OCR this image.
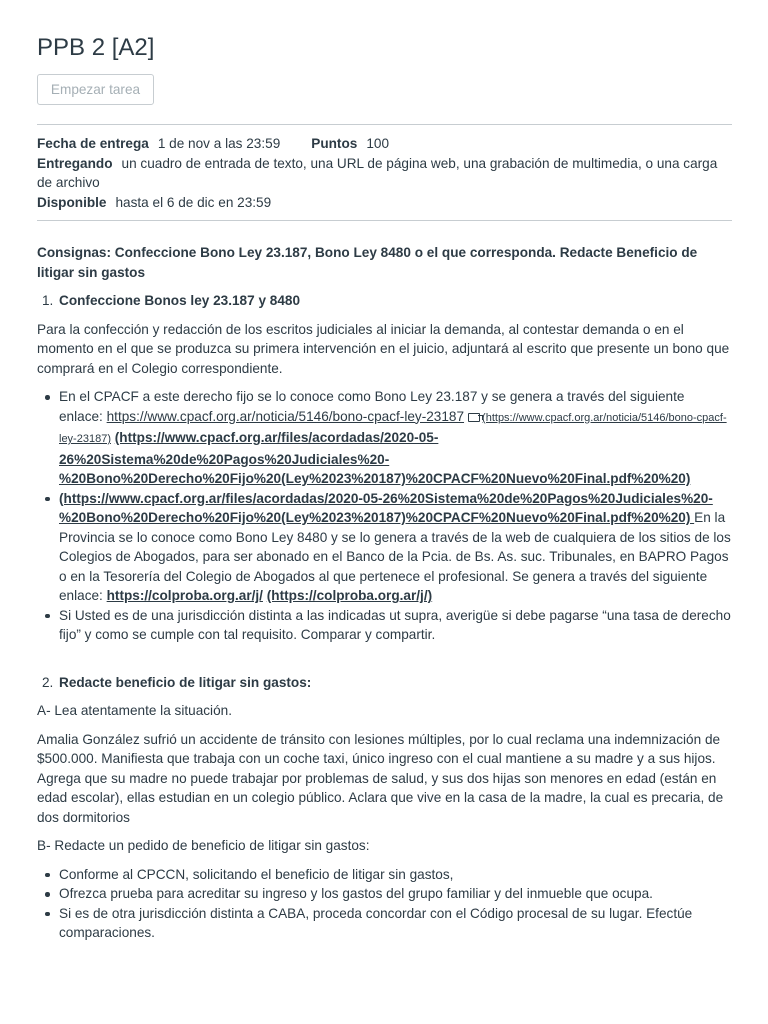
PPB 2 [A2]
Empezar tarea
Fecha de entrega 1 de nov a las 23:59 Puntos 100
Entregando un cuadro de entrada de texto, una URL de página web, una grabación de multimedia, o una carga de archivo
Disponible hasta el 6 de dic en 23:59

Consignas: Confeccione Bono Ley 23.187, Bono Ley 8480 o el que corresponda. Redacte Beneficio de litigar sin gastos

1. Confeccione Bonos ley 23.187 y 8480

Para la confección y redacción de los escritos judiciales al iniciar la demanda, al contestar demanda o en el momento en el que se produzca su primera intervención en el juicio, adjuntará al escrito que presente un bono que comprará en el Colegio correspondiente.

En el CPACF a este derecho fijo se lo conoce como Bono Ley 23.187 y se genera a través del siguiente enlace: https://www.cpacf.org.ar/noticia/5146/bono-cpacf-ley-23187 (https://www.cpacf.org.ar/noticia/5146/bono-cpacf-ley-23187) (https://www.cpacf.org.ar/files/acordadas/2020-05-26%20Sistema%20de%20Pagos%20Judiciales%20-%20Bono%20Derecho%20Fijo%20(Ley%2023%20187)%20CPACF%20Nuevo%20Final.pdf%20%20)
(https://www.cpacf.org.ar/files/acordadas/2020-05-26%20Sistema%20de%20Pagos%20Judiciales%20-%20Bono%20Derecho%20Fijo%20(Ley%2023%20187)%20CPACF%20Nuevo%20Final.pdf%20%20) En la Provincia se lo conoce como Bono Ley 8480 y se lo genera a través de la web de cualquiera de los sitios de los Colegios de Abogados, para ser abonado en el Banco de la Pcia. de Bs. As. suc. Tribunales, en BAPRO Pagos o en la Tesorería del Colegio de Abogados al que pertenece el profesional. Se genera a través del siguiente enlace: https://colproba.org.ar/j/ (https://colproba.org.ar/j/)
Si Usted es de una jurisdicción distinta a las indicadas ut supra, averigüe si debe pagarse “una tasa de derecho fijo” y como se cumple con tal requisito. Comparar y compartir.
2. Redacte beneficio de litigar sin gastos:

A- Lea atentamente la situación.

Amalia González sufrió un accidente de tránsito con lesiones múltiples, por lo cual reclama una indemnización de $500.000. Manifiesta que trabaja con un coche taxi, único ingreso con el cual mantiene a su madre y a sus hijos. Agrega que su madre no puede trabajar por problemas de salud, y sus dos hijas son menores en edad (están en edad escolar), ellas estudian en un colegio público. Aclara que vive en la casa de la madre, la cual es precaria, de dos dormitorios

B- Redacte un pedido de beneficio de litigar sin gastos:

Conforme al CPCCN, solicitando el beneficio de litigar sin gastos,
Ofrezca prueba para acreditar su ingreso y los gastos del grupo familiar y del inmueble que ocupa.
Si es de otra jurisdicción distinta a CABA, proceda concordar con el Código procesal de su lugar. Efectúe comparaciones.
